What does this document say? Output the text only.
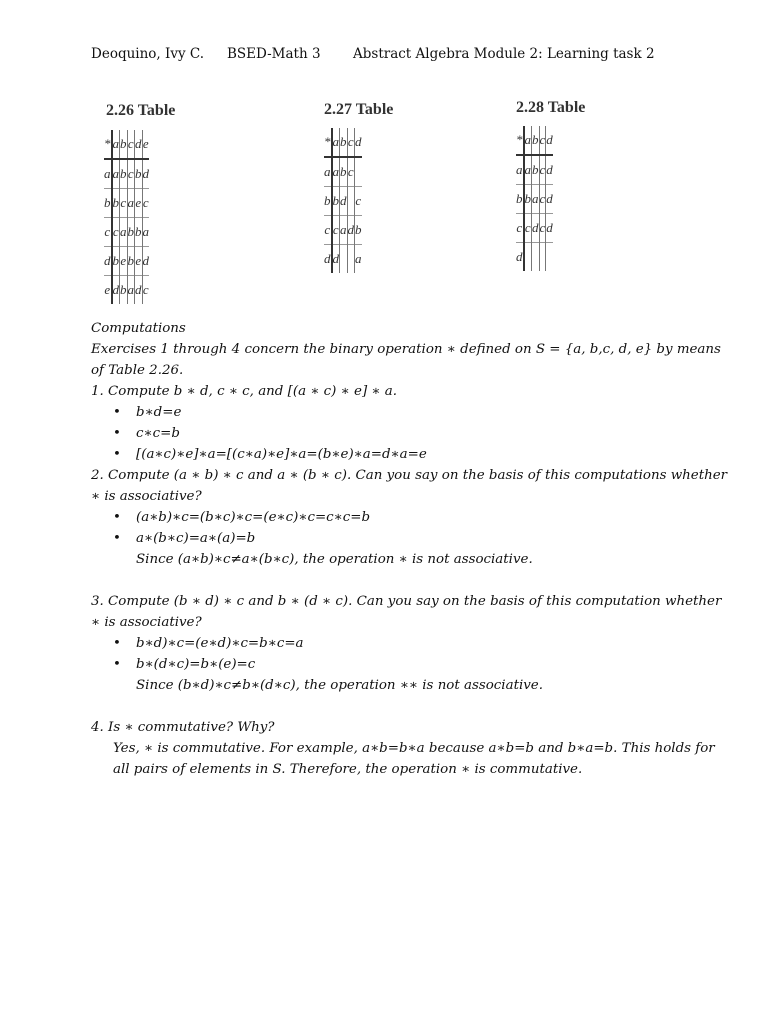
Deoquino, Ivy C. BSED-Math 3 Abstract Algebra Module 2: Learning task 2
2.26 Table
*	a	b	c	d	e
a	a	b	c	b	d
b	b	c	a	e	c
c	c	a	b	b	a
d	b	e	b	e	d
e	d	b	a	d	c
2.27 Table
*	a	b	c	d
a	a	b	c	
b	b	d		c
c	c	a	d	b
d	d			a
2.28 Table
*	a	b	c	d
a	a	b	c	d
b	b	a	c	d
c	c	d	c	d
d				

Computations

Exercises 1 through 4 concern the binary operation ∗ defined on S = {a, b,c, d, e} by means of Table 2.26.

1. Compute b ∗ d, c ∗ c, and [(a ∗ c) ∗ e] ∗ a.

• b∗d=e

• c∗c=b

• [(a∗c)∗e]∗a=[(c∗a)∗e]∗a=(b∗e)∗a=d∗a=e

2. Compute (a ∗ b) ∗ c and a ∗ (b ∗ c). Can you say on the basis of this computations whether ∗ is associative?

• (a∗b)∗c=(b∗c)∗c=(e∗c)∗c=c∗c=b

• a∗(b∗c)=a∗(a)=b

Since (a∗b)∗c≠a∗(b∗c), the operation ∗ is not associative.

3. Compute (b ∗ d) ∗ c and b ∗ (d ∗ c). Can you say on the basis of this computation whether ∗ is associative?

• b∗d)∗c=(e∗d)∗c=b∗c=a

• b∗(d∗c)=b∗(e)=c

Since (b∗d)∗c≠b∗(d∗c), the operation ∗∗ is not associative.

4. Is ∗ commutative? Why?

Yes, ∗ is commutative. For example, a∗b=b∗a because a∗b=b and b∗a=b. This holds for all pairs of elements in S. Therefore, the operation ∗ is commutative.
